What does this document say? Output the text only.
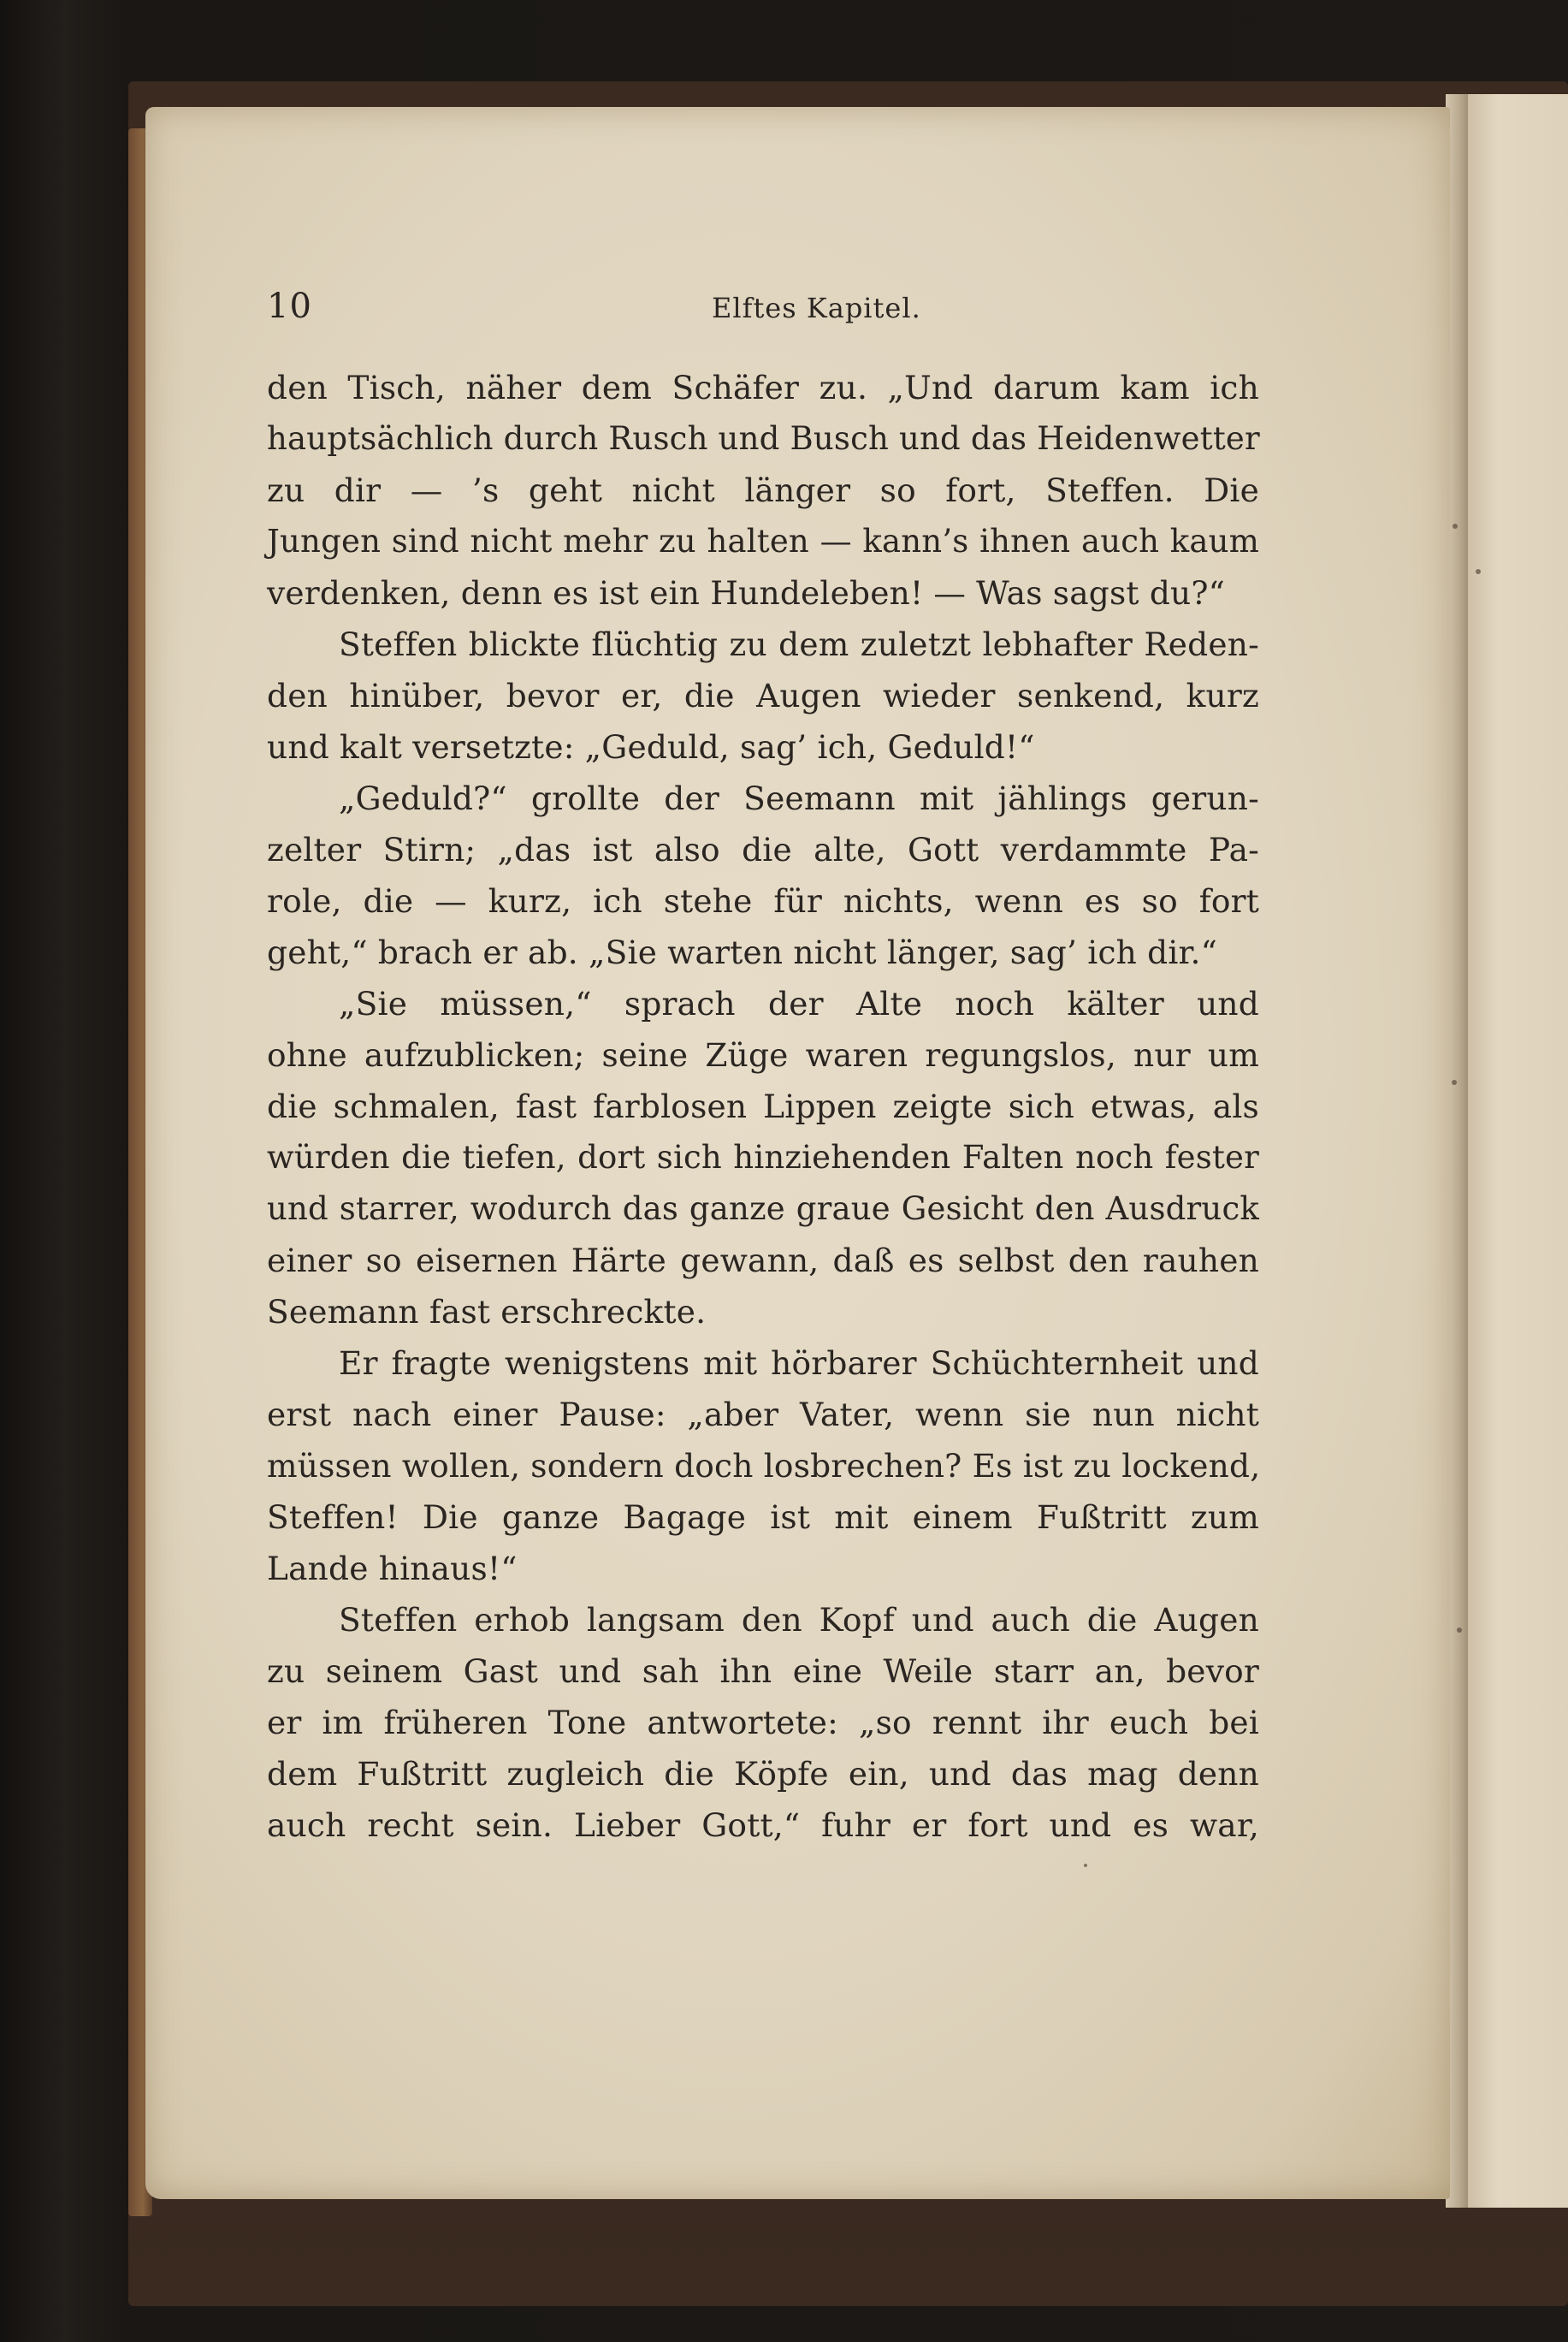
10	Elftes Kapitel.
den Tisch, näher dem Schäfer zu. „Und darum kam ich
hauptsächlich durch Rusch und Busch und das Heidenwetter
zu dir — ’s geht nicht länger so fort, Steffen. Die
Jungen sind nicht mehr zu halten — kann’s ihnen auch kaum
verdenken, denn es ist ein Hundeleben! — Was sagst du?“
Steffen blickte flüchtig zu dem zuletzt lebhafter Reden-
den hinüber, bevor er, die Augen wieder senkend, kurz
und kalt versetzte: „Geduld, sag’ ich, Geduld!“
„Geduld?“ grollte der Seemann mit jählings gerun-
zelter Stirn; „das ist also die alte, Gott verdammte Pa-
role, die — kurz, ich stehe für nichts, wenn es so fort
geht,“ brach er ab. „Sie warten nicht länger, sag’ ich dir.“
„Sie müssen,“ sprach der Alte noch kälter und
ohne aufzublicken; seine Züge waren regungslos, nur um
die schmalen, fast farblosen Lippen zeigte sich etwas, als
würden die tiefen, dort sich hinziehenden Falten noch fester
und starrer, wodurch das ganze graue Gesicht den Ausdruck
einer so eisernen Härte gewann, daß es selbst den rauhen
Seemann fast erschreckte.
Er fragte wenigstens mit hörbarer Schüchternheit und
erst nach einer Pause: „aber Vater, wenn sie nun nicht
müssen wollen, sondern doch losbrechen? Es ist zu lockend,
Steffen! Die ganze Bagage ist mit einem Fußtritt zum
Lande hinaus!“
Steffen erhob langsam den Kopf und auch die Augen
zu seinem Gast und sah ihn eine Weile starr an, bevor
er im früheren Tone antwortete: „so rennt ihr euch bei
dem Fußtritt zugleich die Köpfe ein, und das mag denn
auch recht sein. Lieber Gott,“ fuhr er fort und es war,
